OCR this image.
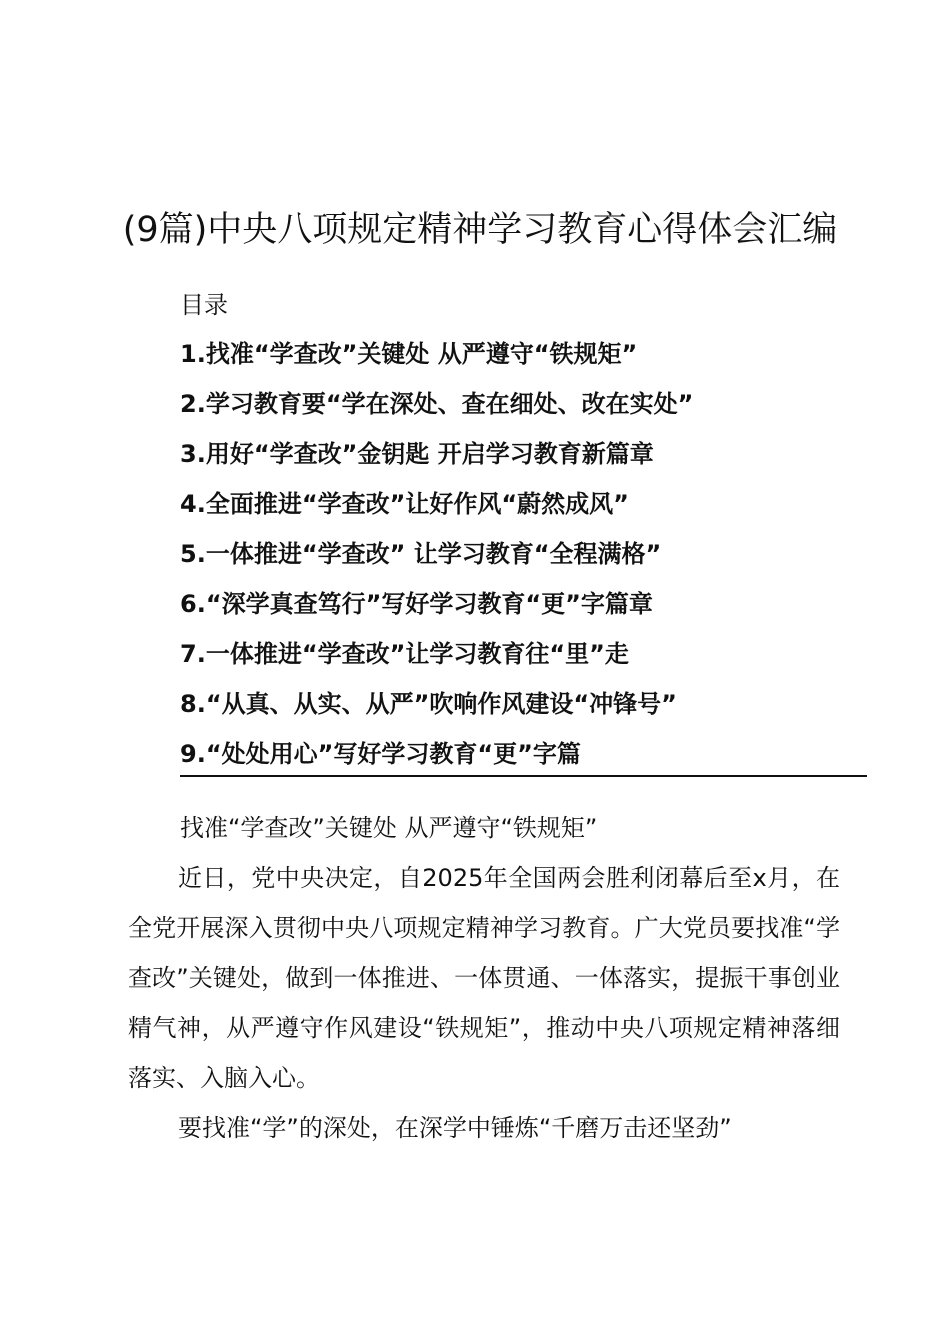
(9篇)中央八项规定精神学习教育心得体会汇编
目录
1.找准“学查改”关键处 从严遵守“铁规矩”
2.学习教育要“学在深处、查在细处、改在实处”
3.用好“学查改”金钥匙 开启学习教育新篇章
4.全面推进“学查改”让好作风“蔚然成风”
5.一体推进“学查改” 让学习教育“全程满格”
6.“深学真查笃行”写好学习教育“更”字篇章
7.一体推进“学查改”让学习教育往“里”走
8.“从真、从实、从严”吹响作风建设“冲锋号”
9.“处处用心”写好学习教育“更”字篇
找准“学查改”关键处 从严遵守“铁规矩”

近日，党中央决定，自2025年全国两会胜利闭幕后至x月，在全党开展深入贯彻中央八项规定精神学习教育。广大党员要找准“学查改”关键处，做到一体推进、一体贯通、一体落实，提振干事创业精气神，从严遵守作风建设“铁规矩”，推动中央八项规定精神落细落实、入脑入心。

要找准“学”的深处，在深学中锤炼“千磨万击还坚劲”
